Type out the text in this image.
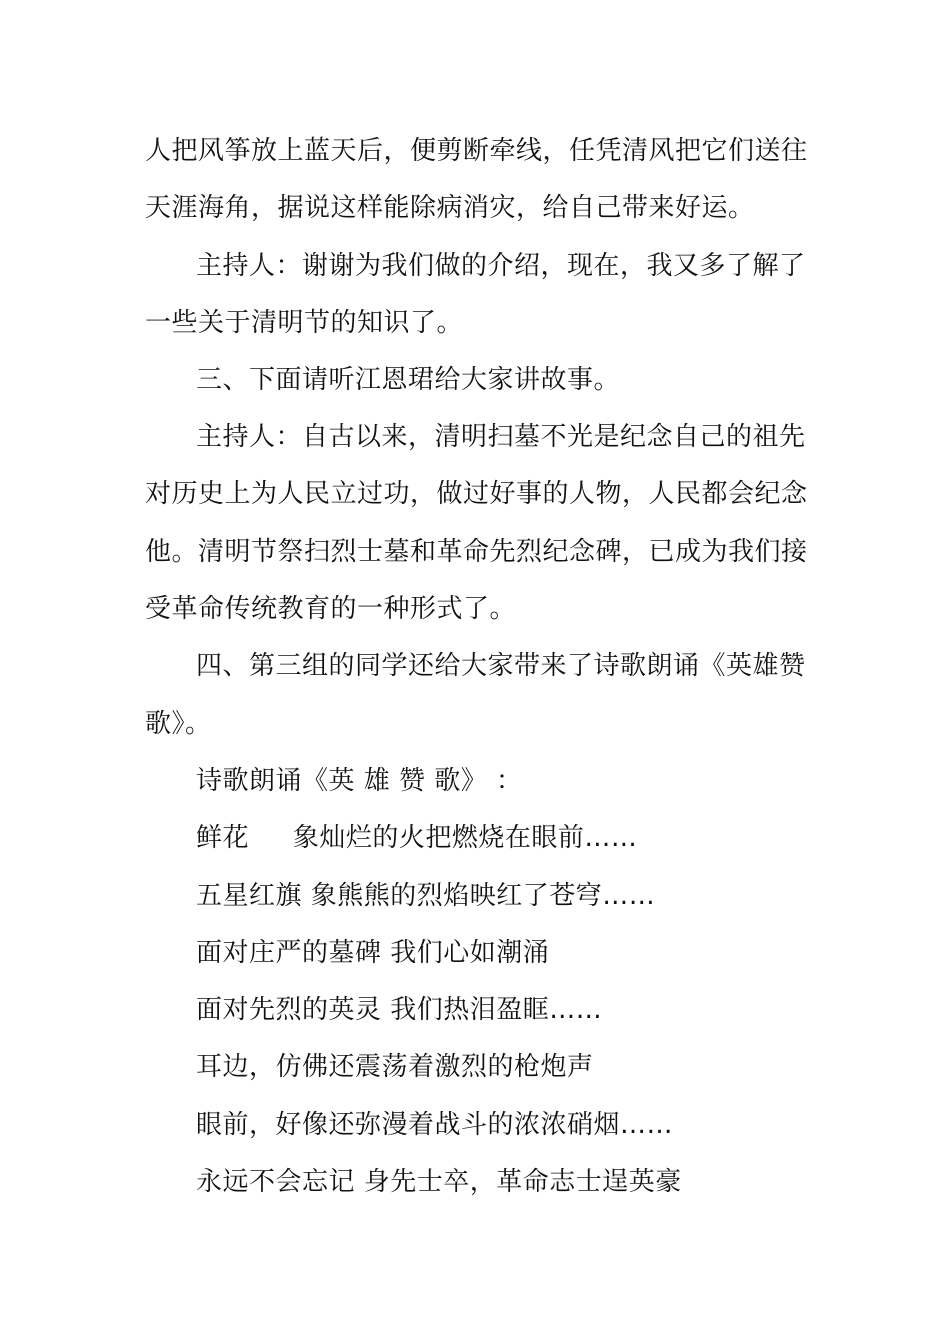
人把风筝放上蓝天后，便剪断牵线，任凭清风把它们送往
天涯海角，据说这样能除病消灾，给自己带来好运。
主持人：谢谢为我们做的介绍，现在，我又多了解了
一些关于清明节的知识了。
三、下面请听江恩珺给大家讲故事。
主持人：自古以来，清明扫墓不光是纪念自己的祖先
对历史上为人民立过功，做过好事的人物，人民都会纪念
他。清明节祭扫烈士墓和革命先烈纪念碑，已成为我们接
受革命传统教育的一种形式了。
四、第三组的同学还给大家带来了诗歌朗诵《英雄赞
歌》。
诗歌朗诵《英 雄 赞 歌》 ：
鲜花     象灿烂的火把燃烧在眼前……
五星红旗 象熊熊的烈焰映红了苍穹……
面对庄严的墓碑 我们心如潮涌
面对先烈的英灵 我们热泪盈眶……
耳边，仿佛还震荡着激烈的枪炮声
眼前，好像还弥漫着战斗的浓浓硝烟……
永远不会忘记 身先士卒，革命志士逞英豪
